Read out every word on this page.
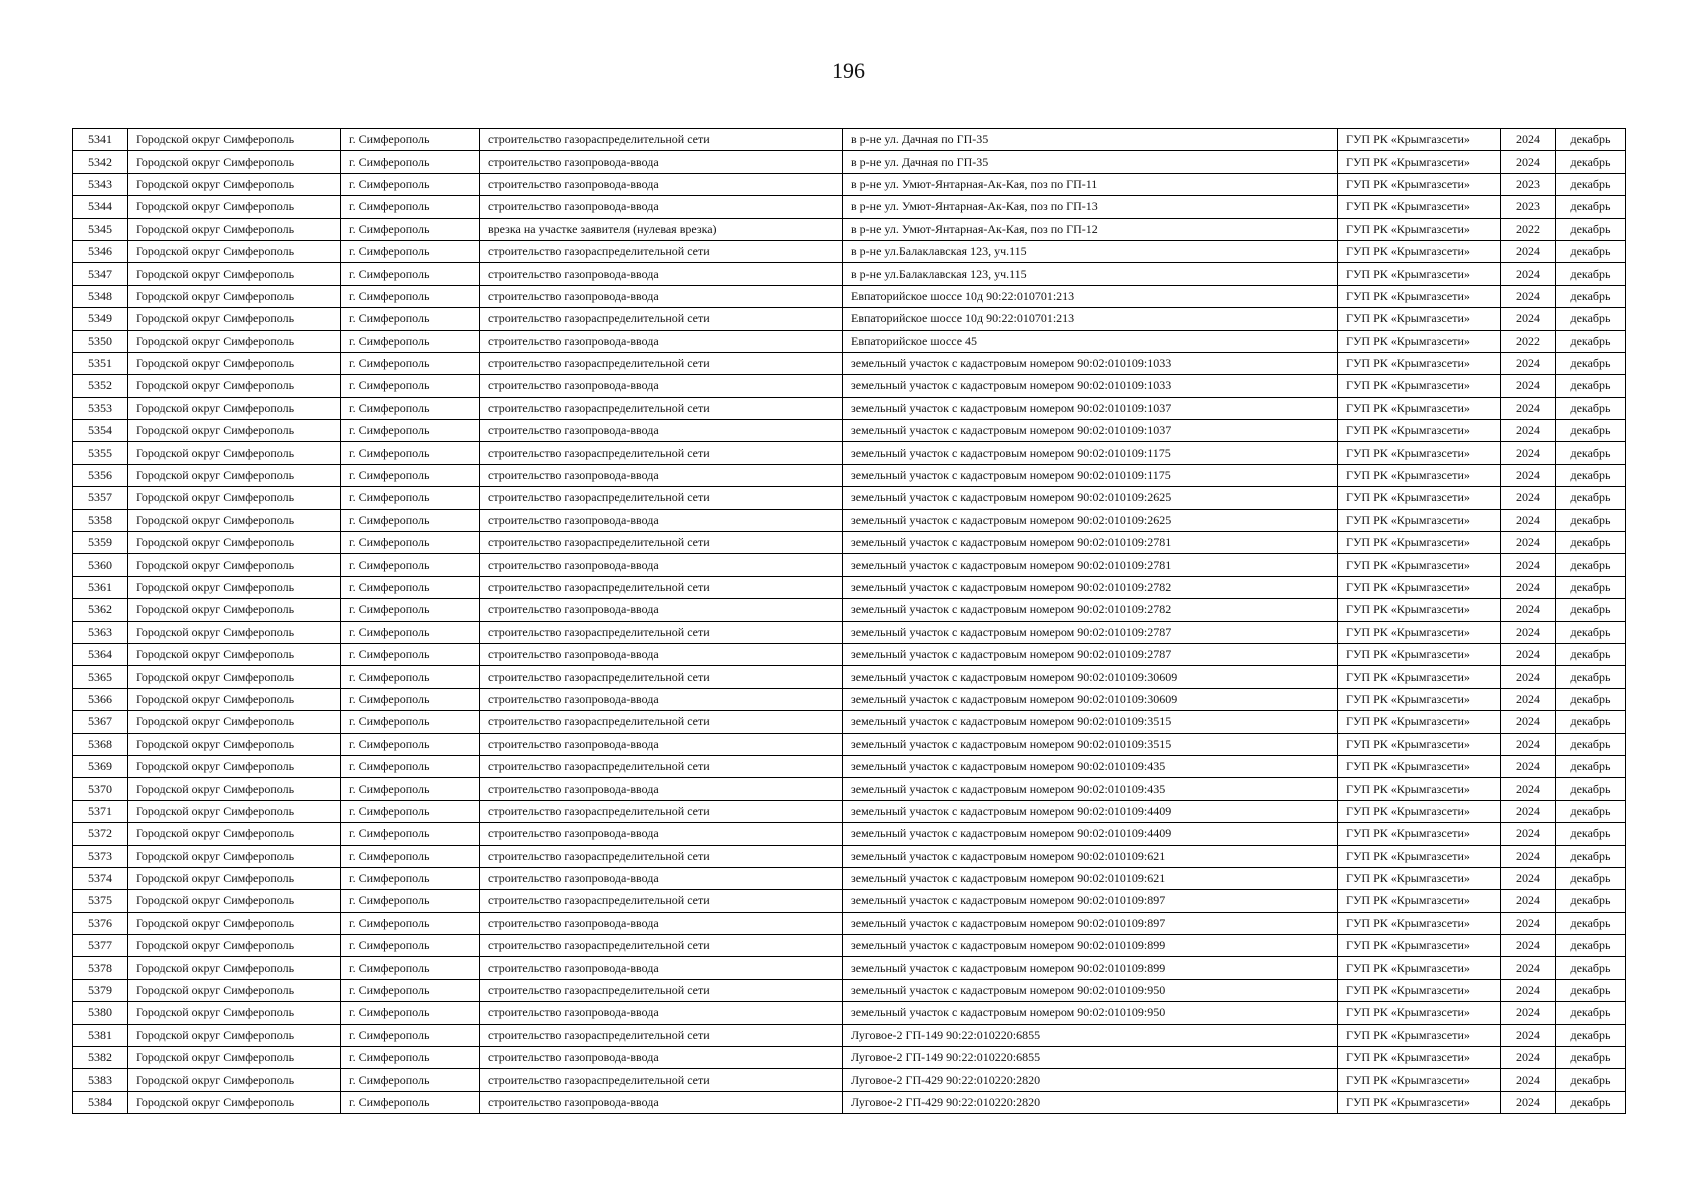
196
5341	Городской округ Симферополь	г. Симферополь	строительство газораспределительной сети	в р-не ул. Дачная по ГП-35	ГУП РК «Крымгазсети»	2024	декабрь
5342	Городской округ Симферополь	г. Симферополь	строительство газопровода-ввода	в р-не ул. Дачная по ГП-35	ГУП РК «Крымгазсети»	2024	декабрь
5343	Городской округ Симферополь	г. Симферополь	строительство газопровода-ввода	в р-не ул. Умют-Янтарная-Ак-Кая, поз по ГП-11	ГУП РК «Крымгазсети»	2023	декабрь
5344	Городской округ Симферополь	г. Симферополь	строительство газопровода-ввода	в р-не ул. Умют-Янтарная-Ак-Кая, поз по ГП-13	ГУП РК «Крымгазсети»	2023	декабрь
5345	Городской округ Симферополь	г. Симферополь	врезка на участке заявителя (нулевая врезка)	в р-не ул. Умют-Янтарная-Ак-Кая, поз по ГП-12	ГУП РК «Крымгазсети»	2022	декабрь
5346	Городской округ Симферополь	г. Симферополь	строительство газораспределительной сети	в р-не ул.Балаклавская 123, уч.115	ГУП РК «Крымгазсети»	2024	декабрь
5347	Городской округ Симферополь	г. Симферополь	строительство газопровода-ввода	в р-не ул.Балаклавская 123, уч.115	ГУП РК «Крымгазсети»	2024	декабрь
5348	Городской округ Симферополь	г. Симферополь	строительство газопровода-ввода	Евпаторийское шоссе 10д 90:22:010701:213	ГУП РК «Крымгазсети»	2024	декабрь
5349	Городской округ Симферополь	г. Симферополь	строительство газораспределительной сети	Евпаторийское шоссе 10д 90:22:010701:213	ГУП РК «Крымгазсети»	2024	декабрь
5350	Городской округ Симферополь	г. Симферополь	строительство газопровода-ввода	Евпаторийское шоссе 45	ГУП РК «Крымгазсети»	2022	декабрь
5351	Городской округ Симферополь	г. Симферополь	строительство газораспределительной сети	земельный участок с кадастровым номером 90:02:010109:1033	ГУП РК «Крымгазсети»	2024	декабрь
5352	Городской округ Симферополь	г. Симферополь	строительство газопровода-ввода	земельный участок с кадастровым номером 90:02:010109:1033	ГУП РК «Крымгазсети»	2024	декабрь
5353	Городской округ Симферополь	г. Симферополь	строительство газораспределительной сети	земельный участок с кадастровым номером 90:02:010109:1037	ГУП РК «Крымгазсети»	2024	декабрь
5354	Городской округ Симферополь	г. Симферополь	строительство газопровода-ввода	земельный участок с кадастровым номером 90:02:010109:1037	ГУП РК «Крымгазсети»	2024	декабрь
5355	Городской округ Симферополь	г. Симферополь	строительство газораспределительной сети	земельный участок с кадастровым номером 90:02:010109:1175	ГУП РК «Крымгазсети»	2024	декабрь
5356	Городской округ Симферополь	г. Симферополь	строительство газопровода-ввода	земельный участок с кадастровым номером 90:02:010109:1175	ГУП РК «Крымгазсети»	2024	декабрь
5357	Городской округ Симферополь	г. Симферополь	строительство газораспределительной сети	земельный участок с кадастровым номером 90:02:010109:2625	ГУП РК «Крымгазсети»	2024	декабрь
5358	Городской округ Симферополь	г. Симферополь	строительство газопровода-ввода	земельный участок с кадастровым номером 90:02:010109:2625	ГУП РК «Крымгазсети»	2024	декабрь
5359	Городской округ Симферополь	г. Симферополь	строительство газораспределительной сети	земельный участок с кадастровым номером 90:02:010109:2781	ГУП РК «Крымгазсети»	2024	декабрь
5360	Городской округ Симферополь	г. Симферополь	строительство газопровода-ввода	земельный участок с кадастровым номером 90:02:010109:2781	ГУП РК «Крымгазсети»	2024	декабрь
5361	Городской округ Симферополь	г. Симферополь	строительство газораспределительной сети	земельный участок с кадастровым номером 90:02:010109:2782	ГУП РК «Крымгазсети»	2024	декабрь
5362	Городской округ Симферополь	г. Симферополь	строительство газопровода-ввода	земельный участок с кадастровым номером 90:02:010109:2782	ГУП РК «Крымгазсети»	2024	декабрь
5363	Городской округ Симферополь	г. Симферополь	строительство газораспределительной сети	земельный участок с кадастровым номером 90:02:010109:2787	ГУП РК «Крымгазсети»	2024	декабрь
5364	Городской округ Симферополь	г. Симферополь	строительство газопровода-ввода	земельный участок с кадастровым номером 90:02:010109:2787	ГУП РК «Крымгазсети»	2024	декабрь
5365	Городской округ Симферополь	г. Симферополь	строительство газораспределительной сети	земельный участок с кадастровым номером 90:02:010109:30609	ГУП РК «Крымгазсети»	2024	декабрь
5366	Городской округ Симферополь	г. Симферополь	строительство газопровода-ввода	земельный участок с кадастровым номером 90:02:010109:30609	ГУП РК «Крымгазсети»	2024	декабрь
5367	Городской округ Симферополь	г. Симферополь	строительство газораспределительной сети	земельный участок с кадастровым номером 90:02:010109:3515	ГУП РК «Крымгазсети»	2024	декабрь
5368	Городской округ Симферополь	г. Симферополь	строительство газопровода-ввода	земельный участок с кадастровым номером 90:02:010109:3515	ГУП РК «Крымгазсети»	2024	декабрь
5369	Городской округ Симферополь	г. Симферополь	строительство газораспределительной сети	земельный участок с кадастровым номером 90:02:010109:435	ГУП РК «Крымгазсети»	2024	декабрь
5370	Городской округ Симферополь	г. Симферополь	строительство газопровода-ввода	земельный участок с кадастровым номером 90:02:010109:435	ГУП РК «Крымгазсети»	2024	декабрь
5371	Городской округ Симферополь	г. Симферополь	строительство газораспределительной сети	земельный участок с кадастровым номером 90:02:010109:4409	ГУП РК «Крымгазсети»	2024	декабрь
5372	Городской округ Симферополь	г. Симферополь	строительство газопровода-ввода	земельный участок с кадастровым номером 90:02:010109:4409	ГУП РК «Крымгазсети»	2024	декабрь
5373	Городской округ Симферополь	г. Симферополь	строительство газораспределительной сети	земельный участок с кадастровым номером 90:02:010109:621	ГУП РК «Крымгазсети»	2024	декабрь
5374	Городской округ Симферополь	г. Симферополь	строительство газопровода-ввода	земельный участок с кадастровым номером 90:02:010109:621	ГУП РК «Крымгазсети»	2024	декабрь
5375	Городской округ Симферополь	г. Симферополь	строительство газораспределительной сети	земельный участок с кадастровым номером 90:02:010109:897	ГУП РК «Крымгазсети»	2024	декабрь
5376	Городской округ Симферополь	г. Симферополь	строительство газопровода-ввода	земельный участок с кадастровым номером 90:02:010109:897	ГУП РК «Крымгазсети»	2024	декабрь
5377	Городской округ Симферополь	г. Симферополь	строительство газораспределительной сети	земельный участок с кадастровым номером 90:02:010109:899	ГУП РК «Крымгазсети»	2024	декабрь
5378	Городской округ Симферополь	г. Симферополь	строительство газопровода-ввода	земельный участок с кадастровым номером 90:02:010109:899	ГУП РК «Крымгазсети»	2024	декабрь
5379	Городской округ Симферополь	г. Симферополь	строительство газораспределительной сети	земельный участок с кадастровым номером 90:02:010109:950	ГУП РК «Крымгазсети»	2024	декабрь
5380	Городской округ Симферополь	г. Симферополь	строительство газопровода-ввода	земельный участок с кадастровым номером 90:02:010109:950	ГУП РК «Крымгазсети»	2024	декабрь
5381	Городской округ Симферополь	г. Симферополь	строительство газораспределительной сети	Луговое-2 ГП-149 90:22:010220:6855	ГУП РК «Крымгазсети»	2024	декабрь
5382	Городской округ Симферополь	г. Симферополь	строительство газопровода-ввода	Луговое-2 ГП-149 90:22:010220:6855	ГУП РК «Крымгазсети»	2024	декабрь
5383	Городской округ Симферополь	г. Симферополь	строительство газораспределительной сети	Луговое-2 ГП-429 90:22:010220:2820	ГУП РК «Крымгазсети»	2024	декабрь
5384	Городской округ Симферополь	г. Симферополь	строительство газопровода-ввода	Луговое-2 ГП-429 90:22:010220:2820	ГУП РК «Крымгазсети»	2024	декабрь
